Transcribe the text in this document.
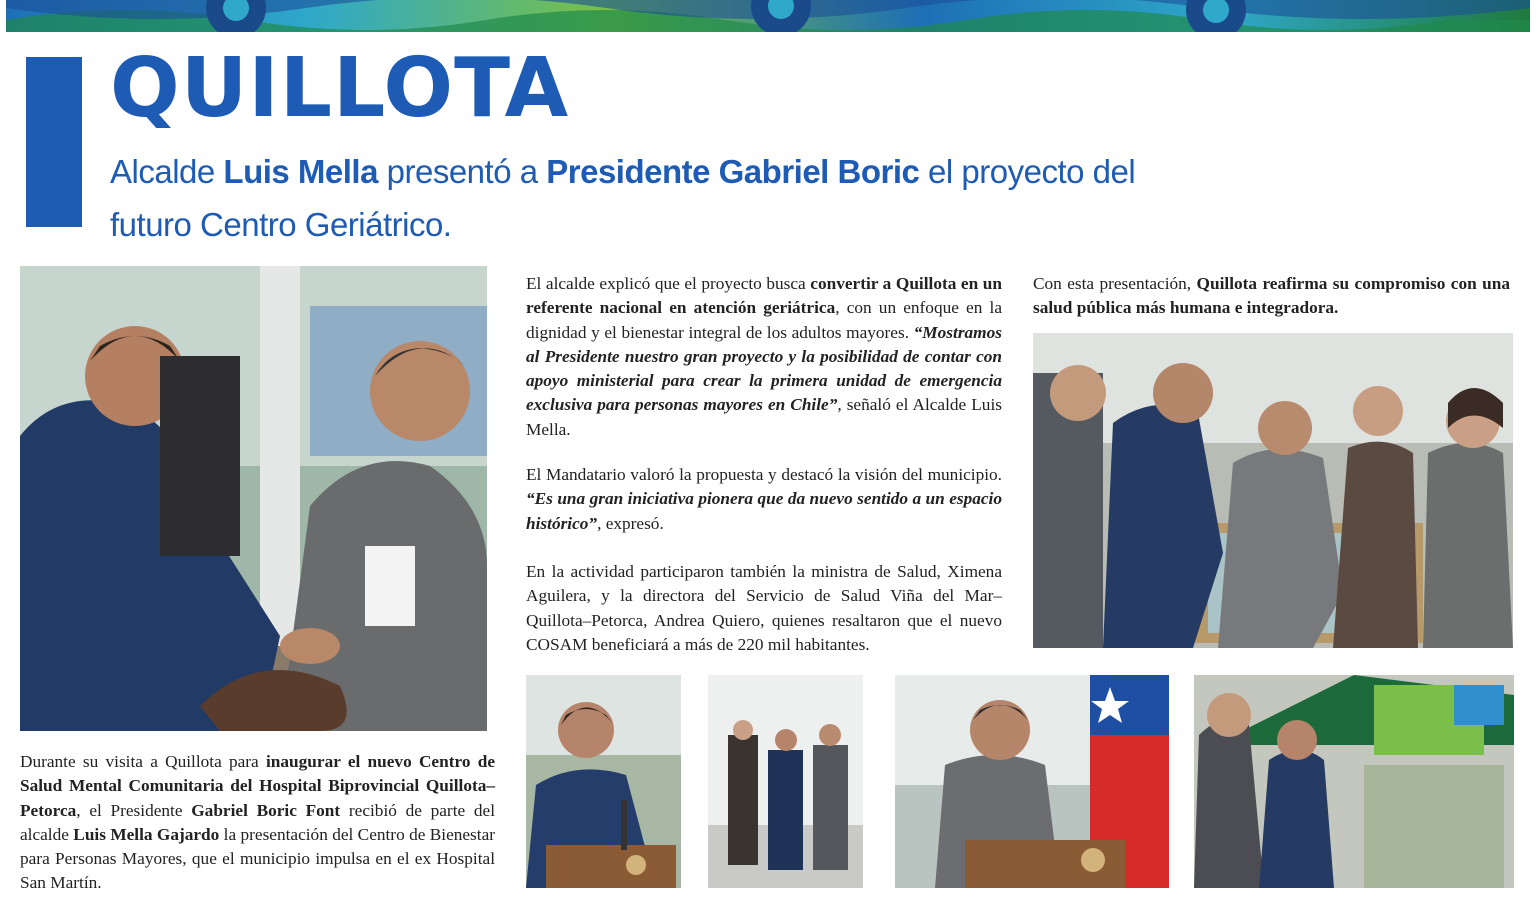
QUILLOTA

Alcalde Luis Mella presentó a Presidente Gabriel Boric el proyecto del futuro Centro Geriátrico.

Durante su visita a Quillota para inaugurar el nuevo Centro de Salud Mental Comunitaria del Hospital Biprovincial Quillota–Petorca, el Presidente Gabriel Boric Font recibió de parte del alcalde Luis Mella Gajardo la presentación del Centro de Bienestar para Personas Mayores, que el municipio impulsa en el ex Hospital San Martín.

El alcalde explicó que el proyecto busca convertir a Quillota en un referente nacional en atención geriátrica, con un enfoque en la dignidad y el bienestar integral de los adultos mayores. “Mostramos al Presidente nuestro gran proyecto y la posibilidad de contar con apoyo ministerial para crear la primera unidad de emergencia exclusiva para personas mayores en Chile”, señaló el Alcalde Luis Mella.

El Mandatario valoró la propuesta y destacó la visión del municipio. “Es una gran iniciativa pionera que da nuevo sentido a un espacio histórico”, expresó.

En la actividad participaron también la ministra de Salud, Ximena Aguilera, y la directora del Servicio de Salud Viña del Mar–Quillota–Petorca, Andrea Quiero, quienes resaltaron que el nuevo COSAM beneficiará a más de 220 mil habitantes.

Con esta presentación, Quillota reafirma su compromiso con una salud pública más humana e integradora.
